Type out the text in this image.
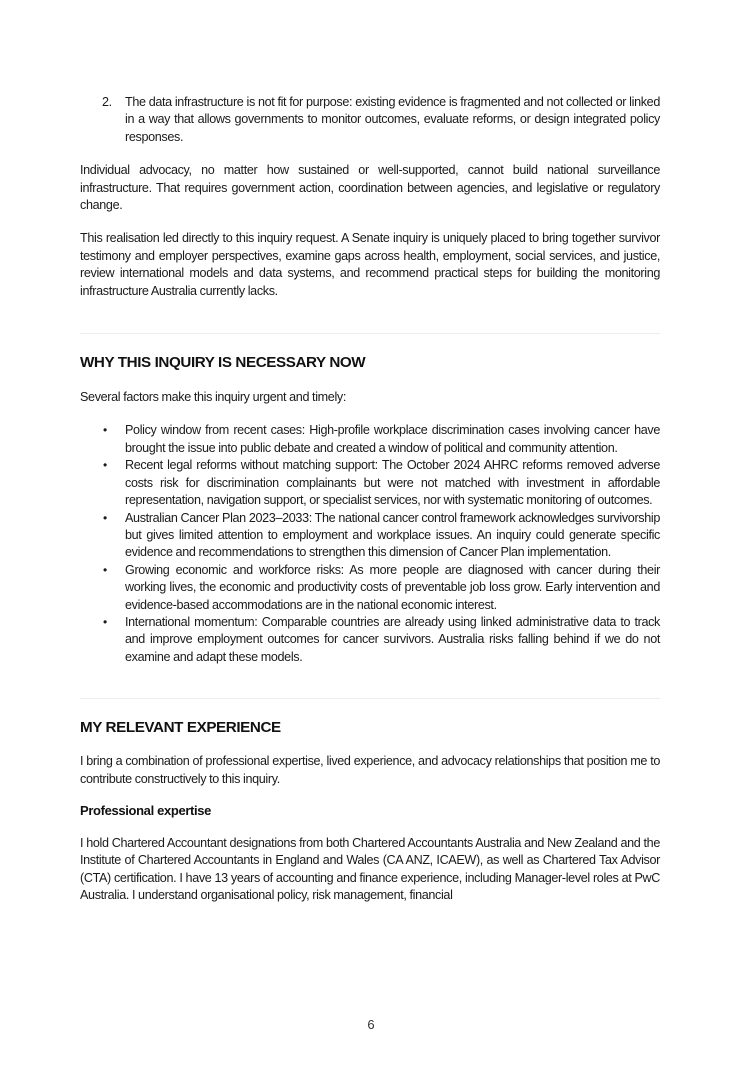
2. The data infrastructure is not fit for purpose: existing evidence is fragmented and not collected or linked in a way that allows governments to monitor outcomes, evaluate reforms, or design integrated policy responses.

Individual advocacy, no matter how sustained or well-supported, cannot build national surveillance infrastructure. That requires government action, coordination between agencies, and legislative or regulatory change.

This realisation led directly to this inquiry request. A Senate inquiry is uniquely placed to bring together survivor testimony and employer perspectives, examine gaps across health, employment, social services, and justice, review international models and data systems, and recommend practical steps for building the monitoring infrastructure Australia currently lacks.

WHY THIS INQUIRY IS NECESSARY NOW

Several factors make this inquiry urgent and timely:

• Policy window from recent cases: High-profile workplace discrimination cases involving cancer have brought the issue into public debate and created a window of political and community attention.
• Recent legal reforms without matching support: The October 2024 AHRC reforms removed adverse costs risk for discrimination complainants but were not matched with investment in affordable representation, navigation support, or specialist services, nor with systematic monitoring of outcomes.
• Australian Cancer Plan 2023–2033: The national cancer control framework acknowledges survivorship but gives limited attention to employment and workplace issues. An inquiry could generate specific evidence and recommendations to strengthen this dimension of Cancer Plan implementation.
• Growing economic and workforce risks: As more people are diagnosed with cancer during their working lives, the economic and productivity costs of preventable job loss grow. Early intervention and evidence-based accommodations are in the national economic interest.
• International momentum: Comparable countries are already using linked administrative data to track and improve employment outcomes for cancer survivors. Australia risks falling behind if we do not examine and adapt these models.
MY RELEVANT EXPERIENCE

I bring a combination of professional expertise, lived experience, and advocacy relationships that position me to contribute constructively to this inquiry.

Professional expertise

I hold Chartered Accountant designations from both Chartered Accountants Australia and New Zealand and the Institute of Chartered Accountants in England and Wales (CA ANZ, ICAEW), as well as Chartered Tax Advisor (CTA) certification. I have 13 years of accounting and finance experience, including Manager-level roles at PwC Australia. I understand organisational policy, risk management, financial

6
